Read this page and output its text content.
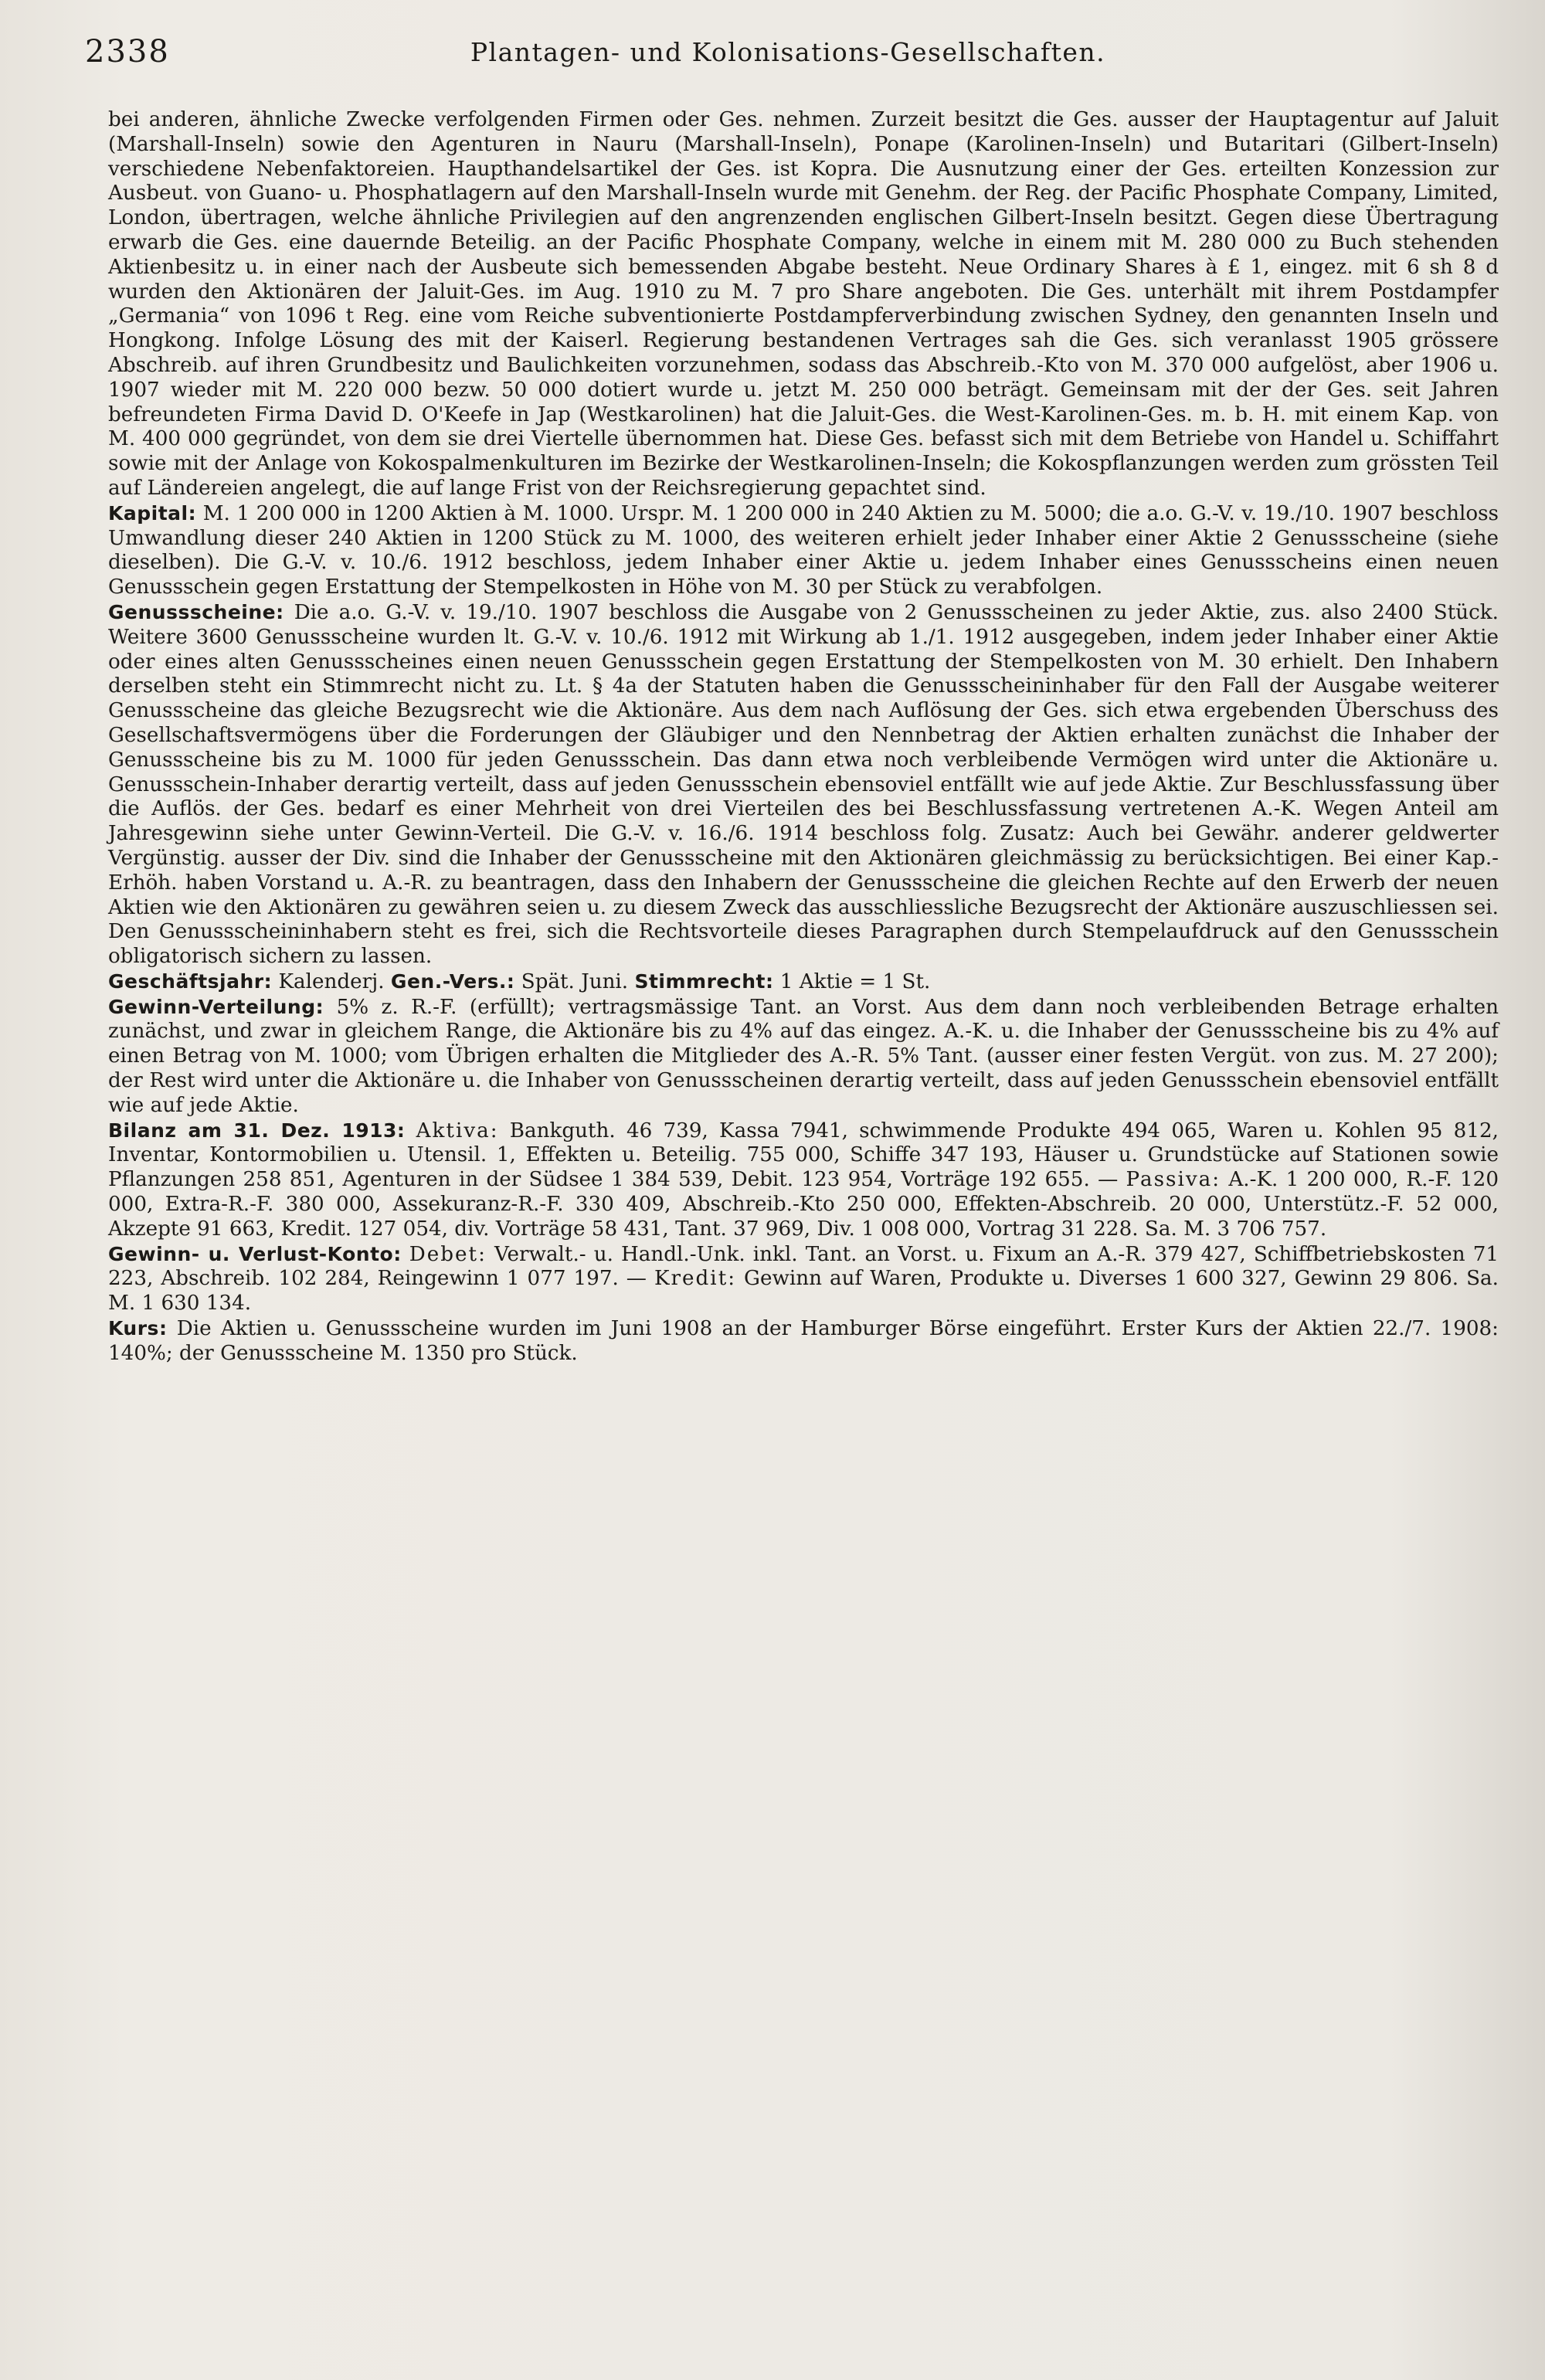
2338	Plantagen- und Kolonisations-Gesellschaften.

bei anderen, ähnliche Zwecke verfolgenden Firmen oder Ges. nehmen. Zurzeit besitzt die Ges. ausser der Hauptagentur auf Jaluit (Marshall-Inseln) sowie den Agenturen in Nauru (Marshall-Inseln), Ponape (Karolinen-Inseln) und Butaritari (Gilbert-Inseln) verschiedene Nebenfaktoreien. Haupthandelsartikel der Ges. ist Kopra. Die Ausnutzung einer der Ges. erteilten Konzession zur Ausbeut. von Guano- u. Phosphatlagern auf den Marshall-Inseln wurde mit Genehm. der Reg. der Pacific Phosphate Company, Limited, London, übertragen, welche ähnliche Privilegien auf den angrenzenden englischen Gilbert-Inseln besitzt. Gegen diese Übertragung erwarb die Ges. eine dauernde Beteilig. an der Pacific Phosphate Company, welche in einem mit M. 280 000 zu Buch stehenden Aktienbesitz u. in einer nach der Ausbeute sich bemessenden Abgabe besteht. Neue Ordinary Shares à £ 1, eingez. mit 6 sh 8 d wurden den Aktionären der Jaluit-Ges. im Aug. 1910 zu M. 7 pro Share angeboten. Die Ges. unterhält mit ihrem Postdampfer „Germania“ von 1096 t Reg. eine vom Reiche subventionierte Postdampferverbindung zwischen Sydney, den genannten Inseln und Hongkong. Infolge Lösung des mit der Kaiserl. Regierung bestandenen Vertrages sah die Ges. sich veranlasst 1905 grössere Abschreib. auf ihren Grundbesitz und Baulichkeiten vorzunehmen, sodass das Abschreib.-Kto von M. 370 000 aufgelöst, aber 1906 u. 1907 wieder mit M. 220 000 bezw. 50 000 dotiert wurde u. jetzt M. 250 000 beträgt. Gemeinsam mit der der Ges. seit Jahren befreundeten Firma David D. O'Keefe in Jap (Westkarolinen) hat die Jaluit-Ges. die West-Karolinen-Ges. m. b. H. mit einem Kap. von M. 400 000 gegründet, von dem sie drei Viertelle übernommen hat. Diese Ges. befasst sich mit dem Betriebe von Handel u. Schiffahrt sowie mit der Anlage von Kokospalmenkulturen im Bezirke der Westkarolinen-Inseln; die Kokospflanzungen werden zum grössten Teil auf Ländereien angelegt, die auf lange Frist von der Reichsregierung gepachtet sind.

Kapital: M. 1 200 000 in 1200 Aktien à M. 1000. Urspr. M. 1 200 000 in 240 Aktien zu M. 5000; die a.o. G.-V. v. 19./10. 1907 beschloss Umwandlung dieser 240 Aktien in 1200 Stück zu M. 1000, des weiteren erhielt jeder Inhaber einer Aktie 2 Genussscheine (siehe dieselben). Die G.-V. v. 10./6. 1912 beschloss, jedem Inhaber einer Aktie u. jedem Inhaber eines Genussscheins einen neuen Genussschein gegen Erstattung der Stempelkosten in Höhe von M. 30 per Stück zu verabfolgen.

Genussscheine: Die a.o. G.-V. v. 19./10. 1907 beschloss die Ausgabe von 2 Genussscheinen zu jeder Aktie, zus. also 2400 Stück. Weitere 3600 Genussscheine wurden lt. G.-V. v. 10./6. 1912 mit Wirkung ab 1./1. 1912 ausgegeben, indem jeder Inhaber einer Aktie oder eines alten Genussscheines einen neuen Genussschein gegen Erstattung der Stempelkosten von M. 30 erhielt. Den Inhabern derselben steht ein Stimmrecht nicht zu. Lt. § 4a der Statuten haben die Genussscheininhaber für den Fall der Ausgabe weiterer Genussscheine das gleiche Bezugsrecht wie die Aktionäre. Aus dem nach Auflösung der Ges. sich etwa ergebenden Überschuss des Gesellschaftsvermögens über die Forderungen der Gläubiger und den Nennbetrag der Aktien erhalten zunächst die Inhaber der Genussscheine bis zu M. 1000 für jeden Genussschein. Das dann etwa noch verbleibende Vermögen wird unter die Aktionäre u. Genussschein-Inhaber derartig verteilt, dass auf jeden Genussschein ebensoviel entfällt wie auf jede Aktie. Zur Beschlussfassung über die Auflös. der Ges. bedarf es einer Mehrheit von drei Vierteilen des bei Beschlussfassung vertretenen A.-K. Wegen Anteil am Jahresgewinn siehe unter Gewinn-Verteil. Die G.-V. v. 16./6. 1914 beschloss folg. Zusatz: Auch bei Gewähr. anderer geldwerter Vergünstig. ausser der Div. sind die Inhaber der Genussscheine mit den Aktionären gleichmässig zu berücksichtigen. Bei einer Kap.-Erhöh. haben Vorstand u. A.-R. zu beantragen, dass den Inhabern der Genussscheine die gleichen Rechte auf den Erwerb der neuen Aktien wie den Aktionären zu gewähren seien u. zu diesem Zweck das ausschliessliche Bezugsrecht der Aktionäre auszuschliessen sei. Den Genussscheininhabern steht es frei, sich die Rechtsvorteile dieses Paragraphen durch Stempelaufdruck auf den Genussschein obligatorisch sichern zu lassen.

Geschäftsjahr: Kalenderj. Gen.-Vers.: Spät. Juni. Stimmrecht: 1 Aktie = 1 St.

Gewinn-Verteilung: 5% z. R.-F. (erfüllt); vertragsmässige Tant. an Vorst. Aus dem dann noch verbleibenden Betrage erhalten zunächst, und zwar in gleichem Range, die Aktionäre bis zu 4% auf das eingez. A.-K. u. die Inhaber der Genussscheine bis zu 4% auf einen Betrag von M. 1000; vom Übrigen erhalten die Mitglieder des A.-R. 5% Tant. (ausser einer festen Vergüt. von zus. M. 27 200); der Rest wird unter die Aktionäre u. die Inhaber von Genussscheinen derartig verteilt, dass auf jeden Genussschein ebensoviel entfällt wie auf jede Aktie.

Bilanz am 31. Dez. 1913: Aktiva: Bankguth. 46 739, Kassa 7941, schwimmende Produkte 494 065, Waren u. Kohlen 95 812, Inventar, Kontormobilien u. Utensil. 1, Effekten u. Beteilig. 755 000, Schiffe 347 193, Häuser u. Grundstücke auf Stationen sowie Pflanzungen 258 851, Agenturen in der Südsee 1 384 539, Debit. 123 954, Vorträge 192 655. — Passiva: A.-K. 1 200 000, R.-F. 120 000, Extra-R.-F. 380 000, Assekuranz-R.-F. 330 409, Abschreib.-Kto 250 000, Effekten-Abschreib. 20 000, Unterstütz.-F. 52 000, Akzepte 91 663, Kredit. 127 054, div. Vorträge 58 431, Tant. 37 969, Div. 1 008 000, Vortrag 31 228. Sa. M. 3 706 757.

Gewinn- u. Verlust-Konto: Debet: Verwalt.- u. Handl.-Unk. inkl. Tant. an Vorst. u. Fixum an A.-R. 379 427, Schiffbetriebskosten 71 223, Abschreib. 102 284, Reingewinn 1 077 197. — Kredit: Gewinn auf Waren, Produkte u. Diverses 1 600 327, Gewinn 29 806. Sa. M. 1 630 134.

Kurs: Die Aktien u. Genussscheine wurden im Juni 1908 an der Hamburger Börse eingeführt. Erster Kurs der Aktien 22./7. 1908: 140%; der Genussscheine M. 1350 pro Stück.
